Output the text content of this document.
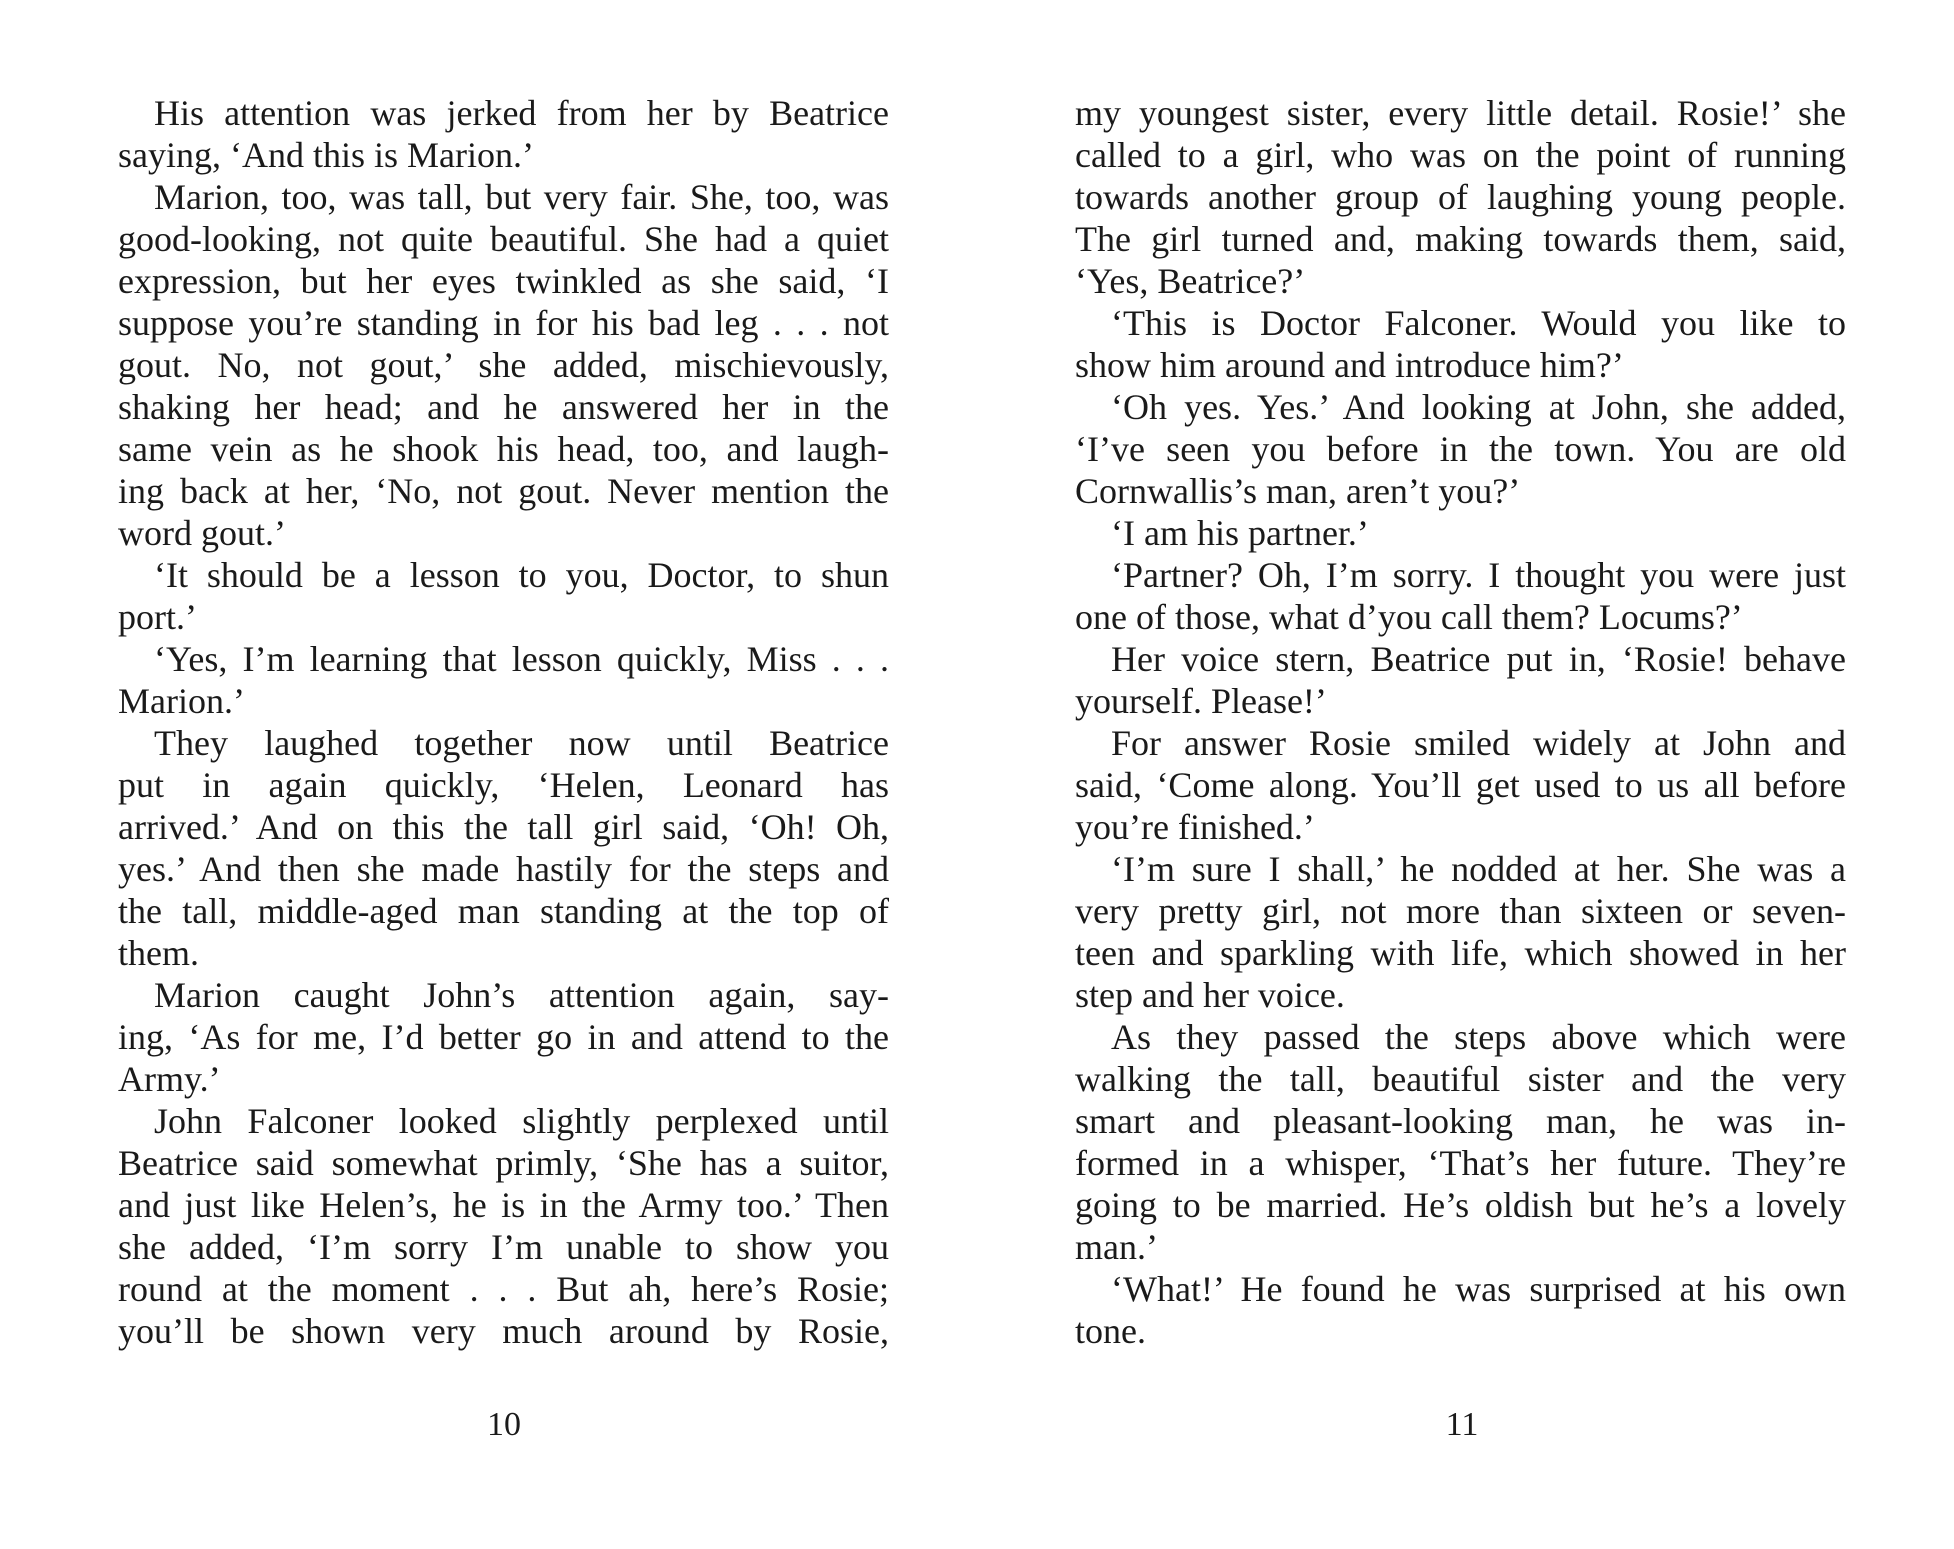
His attention was jerked from her by Beatrice
saying, ‘And this is Marion.’
Marion, too, was tall, but very fair. She, too, was
good-looking, not quite beautiful. She had a quiet
expression, but her eyes twinkled as she said, ‘I
suppose you’re standing in for his bad leg . . . not
gout. No, not gout,’ she added, mischievously,
shaking her head; and he answered her in the
same vein as he shook his head, too, and laugh-
ing back at her, ‘No, not gout. Never mention the
word gout.’
‘It should be a lesson to you, Doctor, to shun
port.’
‘Yes, I’m learning that lesson quickly, Miss . . .
Marion.’
They laughed together now until Beatrice
put in again quickly, ‘Helen, Leonard has
arrived.’ And on this the tall girl said, ‘Oh! Oh,
yes.’ And then she made hastily for the steps and
the tall, middle-aged man standing at the top of
them.
Marion caught John’s attention again, say-
ing, ‘As for me, I’d better go in and attend to the
Army.’
John Falconer looked slightly perplexed until
Beatrice said somewhat primly, ‘She has a suitor,
and just like Helen’s, he is in the Army too.’ Then
she added, ‘I’m sorry I’m unable to show you
round at the moment . . . But ah, here’s Rosie;
you’ll be shown very much around by Rosie,
10
my youngest sister, every little detail. Rosie!’ she
called to a girl, who was on the point of running
towards another group of laughing young people.
The girl turned and, making towards them, said,
‘Yes, Beatrice?’
‘This is Doctor Falconer. Would you like to
show him around and introduce him?’
‘Oh yes. Yes.’ And looking at John, she added,
‘I’ve seen you before in the town. You are old
Cornwallis’s man, aren’t you?’
‘I am his partner.’
‘Partner? Oh, I’m sorry. I thought you were just
one of those, what d’you call them? Locums?’
Her voice stern, Beatrice put in, ‘Rosie! behave
yourself. Please!’
For answer Rosie smiled widely at John and
said, ‘Come along. You’ll get used to us all before
you’re finished.’
‘I’m sure I shall,’ he nodded at her. She was a
very pretty girl, not more than sixteen or seven-
teen and sparkling with life, which showed in her
step and her voice.
As they passed the steps above which were
walking the tall, beautiful sister and the very
smart and pleasant-looking man, he was in-
formed in a whisper, ‘That’s her future. They’re
going to be married. He’s oldish but he’s a lovely
man.’
‘What!’ He found he was surprised at his own
tone.
11
